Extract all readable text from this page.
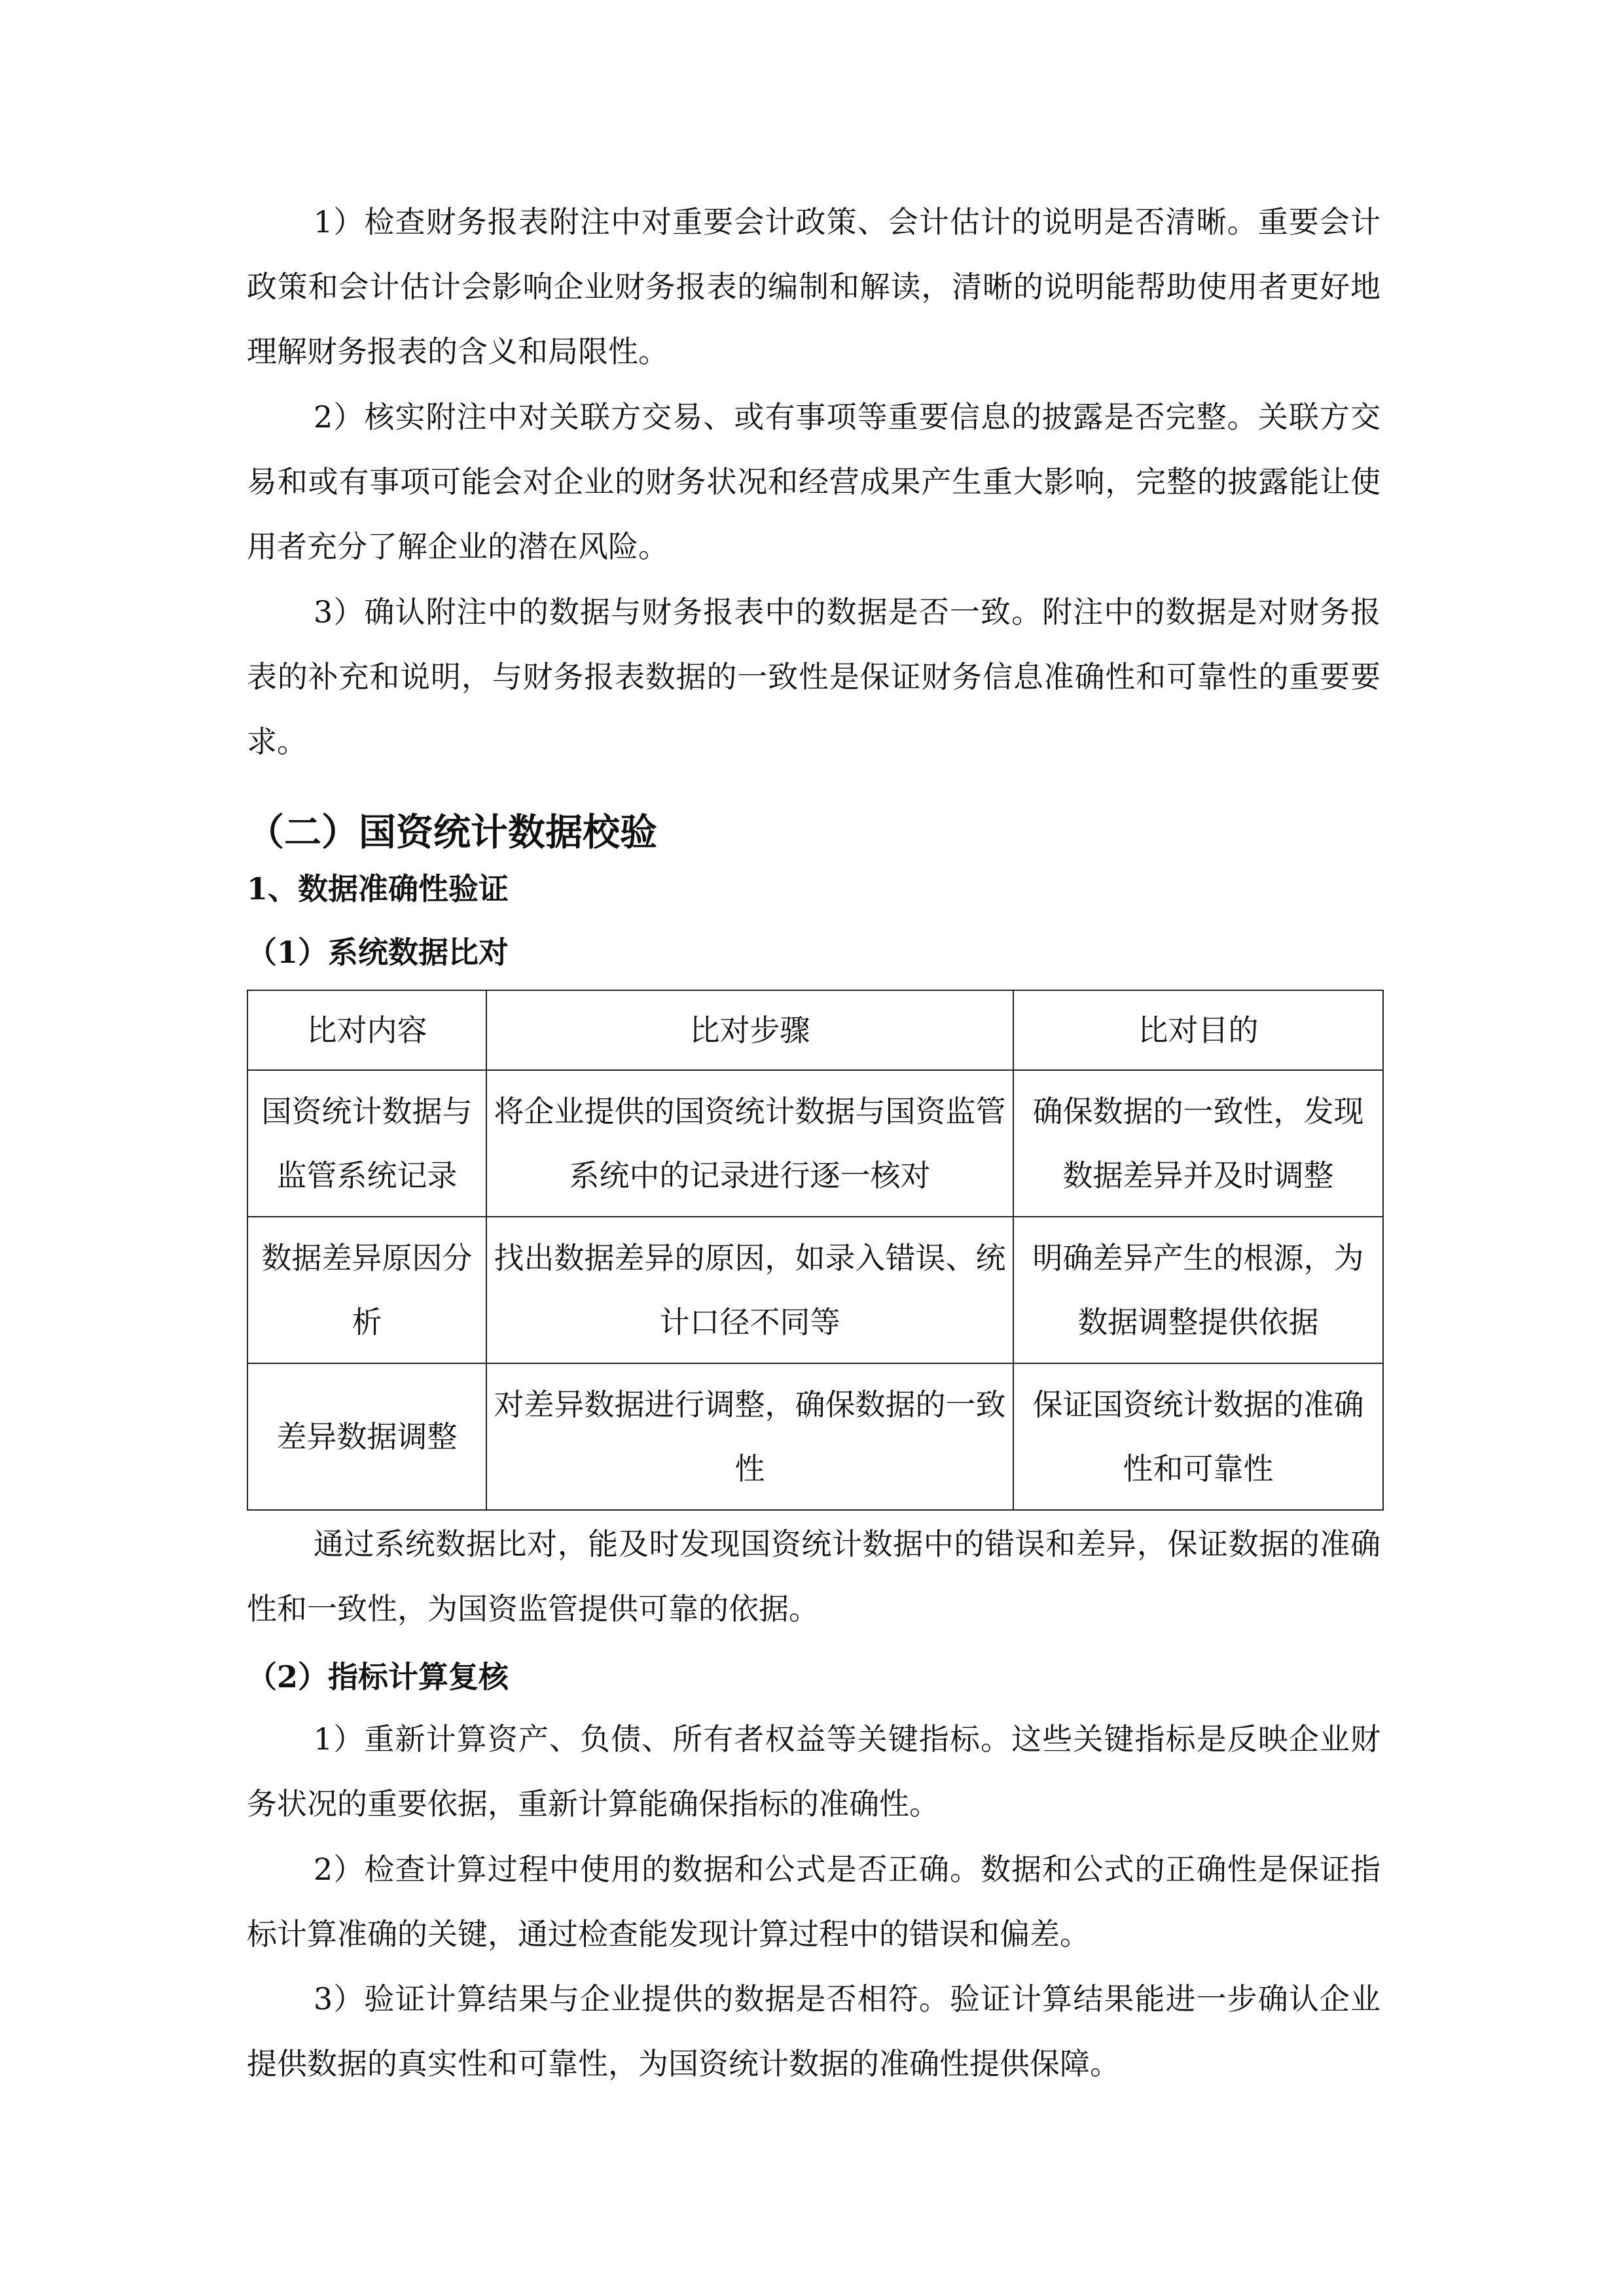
1）检查财务报表附注中对重要会计政策、会计估计的说明是否清晰。重要会计政策和会计估计会影响企业财务报表的编制和解读，清晰的说明能帮助使用者更好地理解财务报表的含义和局限性。

2）核实附注中对关联方交易、或有事项等重要信息的披露是否完整。关联方交易和或有事项可能会对企业的财务状况和经营成果产生重大影响，完整的披露能让使用者充分了解企业的潜在风险。

3）确认附注中的数据与财务报表中的数据是否一致。附注中的数据是对财务报表的补充和说明，与财务报表数据的一致性是保证财务信息准确性和可靠性的重要要求。

（二）国资统计数据校验
1、数据准确性验证
（1）系统数据比对
比对内容	比对步骤	比对目的
国资统计数据与监管系统记录	将企业提供的国资统计数据与国资监管系统中的记录进行逐一核对	确保数据的一致性，发现数据差异并及时调整
数据差异原因分析	找出数据差异的原因，如录入错误、统计口径不同等	明确差异产生的根源，为数据调整提供依据
差异数据调整	对差异数据进行调整，确保数据的一致性	保证国资统计数据的准确性和可靠性

通过系统数据比对，能及时发现国资统计数据中的错误和差异，保证数据的准确性和一致性，为国资监管提供可靠的依据。

（2）指标计算复核

1）重新计算资产、负债、所有者权益等关键指标。这些关键指标是反映企业财务状况的重要依据，重新计算能确保指标的准确性。

2）检查计算过程中使用的数据和公式是否正确。数据和公式的正确性是保证指标计算准确的关键，通过检查能发现计算过程中的错误和偏差。

3）验证计算结果与企业提供的数据是否相符。验证计算结果能进一步确认企业提供数据的真实性和可靠性，为国资统计数据的准确性提供保障。
